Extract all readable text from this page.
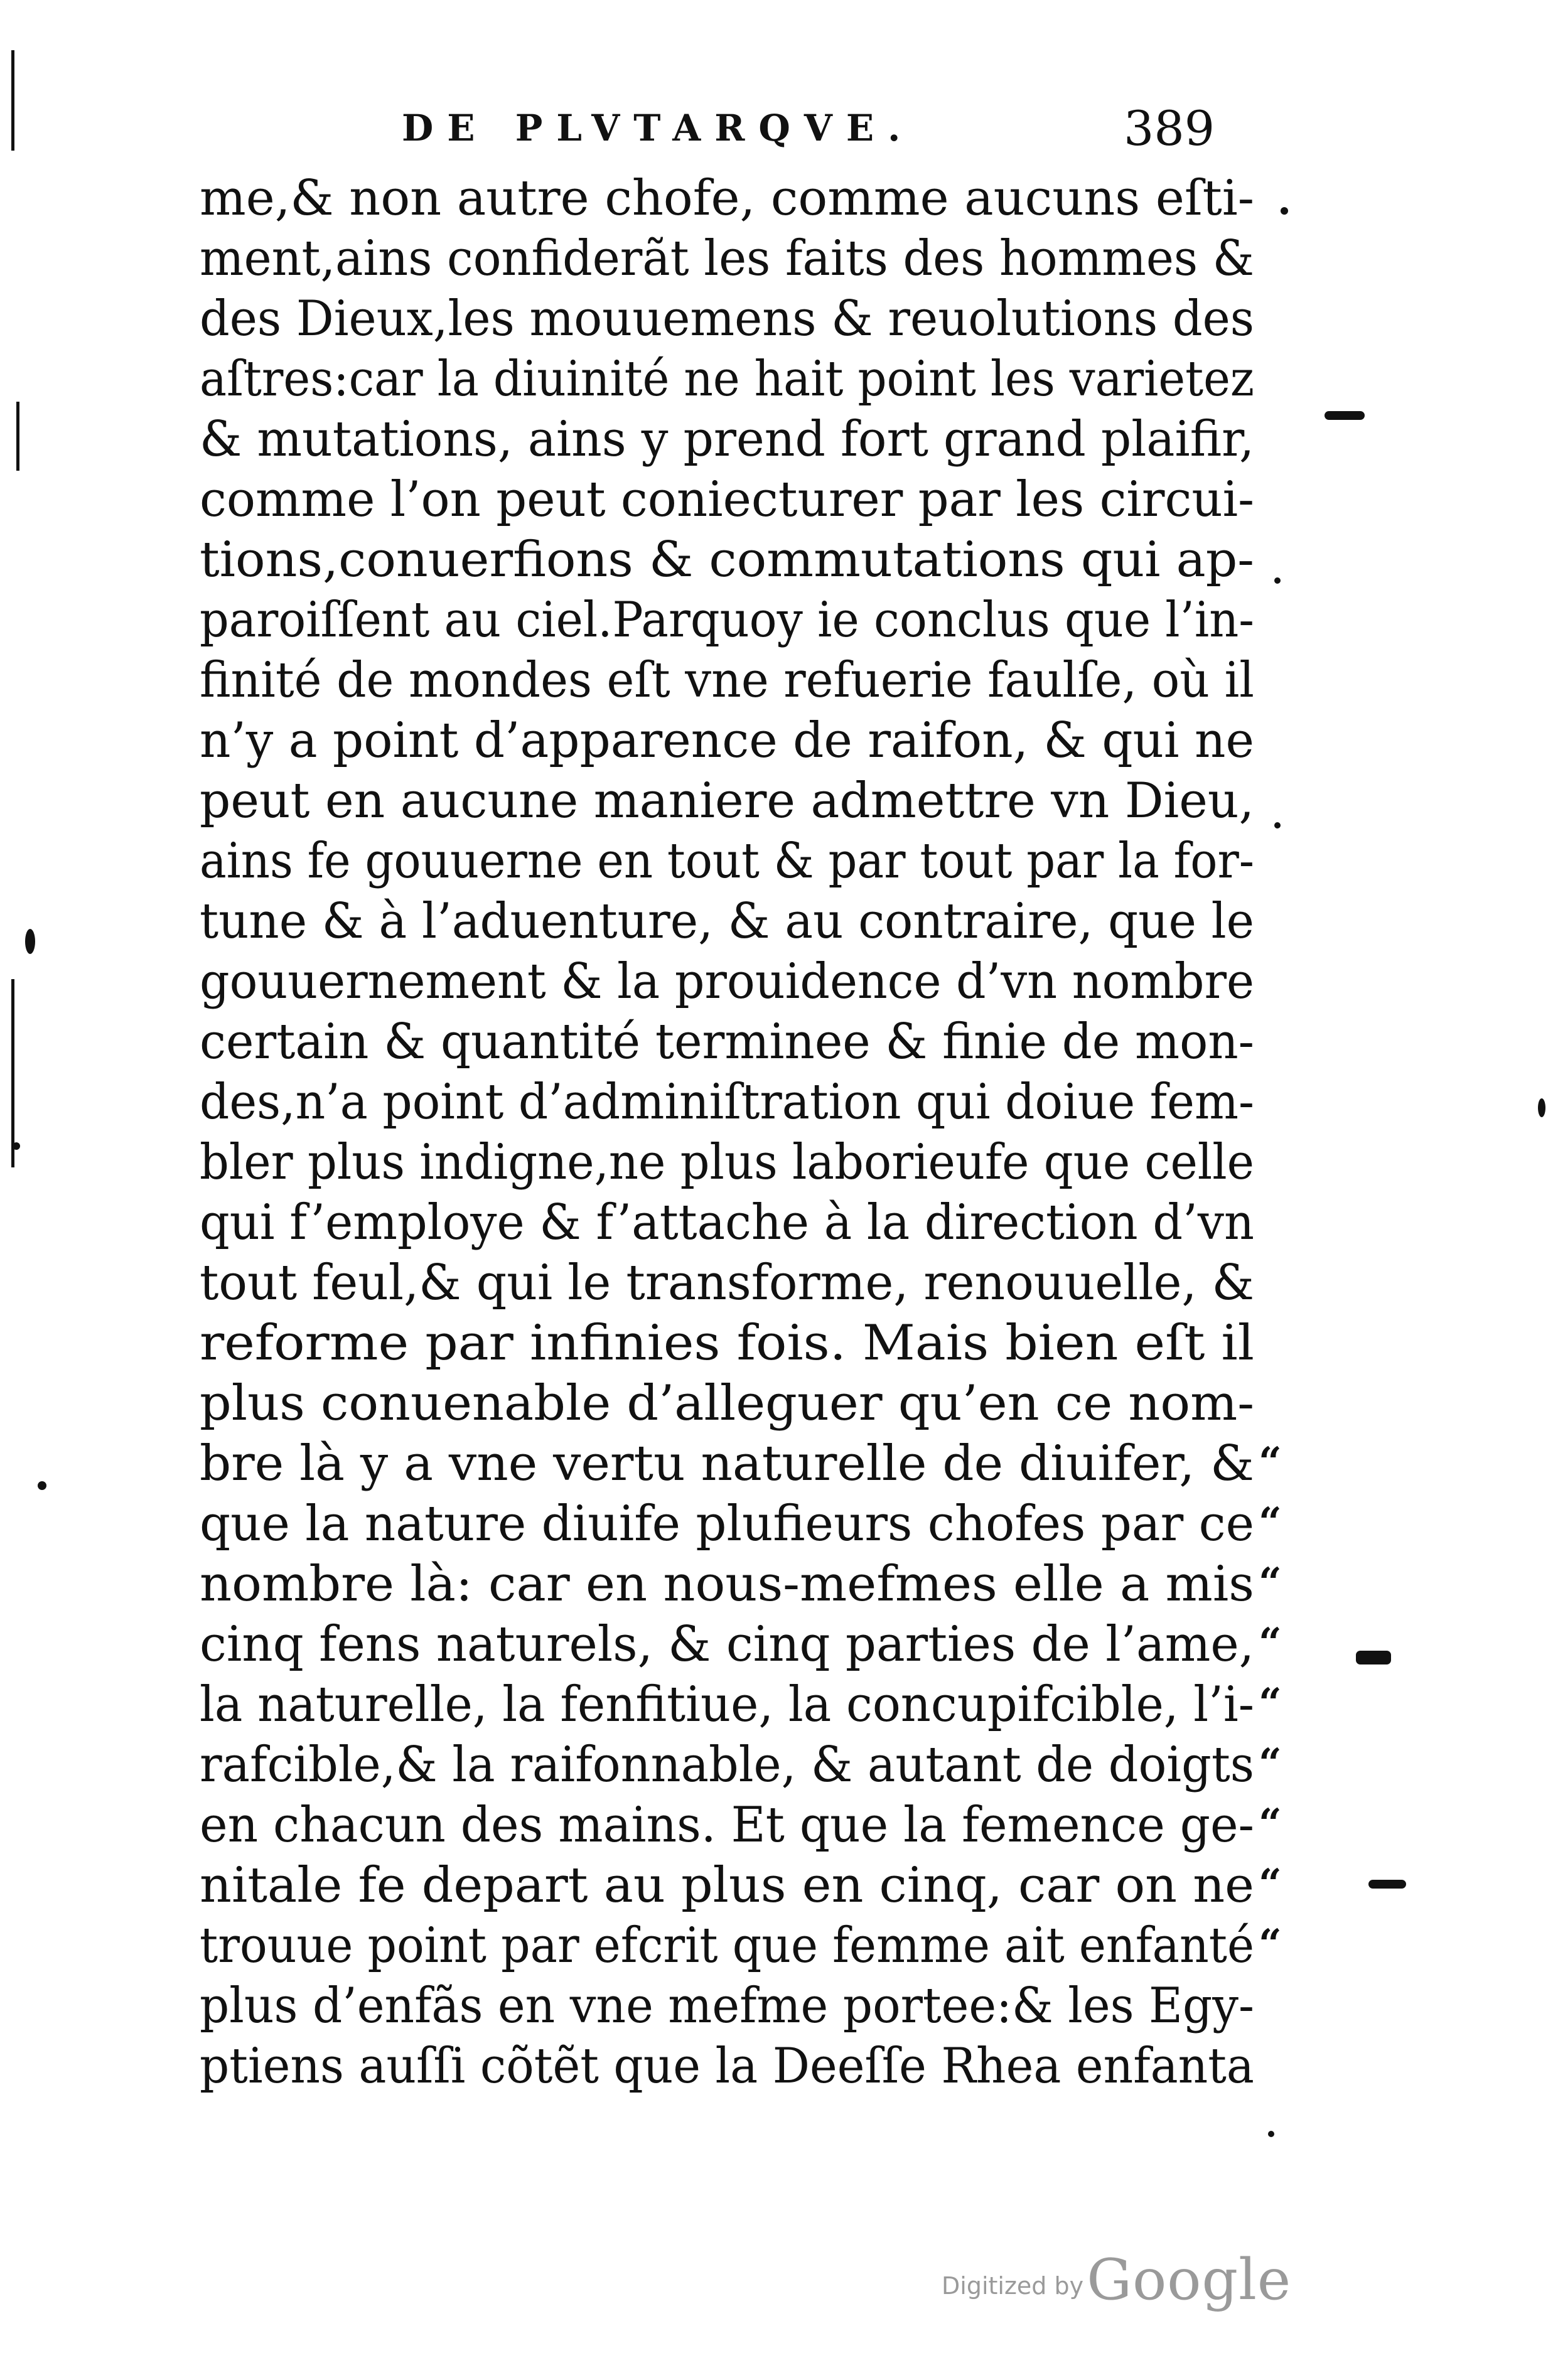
DE PLVTARQVE.	389
me,& non autre chofe, comme aucuns eſti-
ment,ains confiderãt les faits des hommes &
des Dieux,les mouuemens & reuolutions des
aſtres:car la diuinité ne hait point les varietez
& mutations, ains y prend fort grand plaifir,
comme l’on peut coniecturer par les circui-
tions,conuerfions & commutations qui ap-
paroiſſent au ciel.Parquoy ie conclus que l’in-
finité de mondes eſt vne refuerie faulſe, où il
n’y a point d’apparence de raifon, & qui ne
peut en aucune maniere admettre vn Dieu,
ains fe gouuerne en tout & par tout par la for-
tune & à l’aduenture, & au contraire, que le
gouuernement & la prouidence d’vn nombre
certain & quantité terminee & finie de mon-
des,n’a point d’adminiſtration qui doiue fem-
bler plus indigne,ne plus laborieufe que celle
qui f’employe & f’attache à la direction d’vn
tout feul,& qui le transforme, renouuelle, &
reforme par infinies fois. Mais bien eſt il
plus conuenable d’alleguer qu’en ce nom-
bre là y a vne vertu naturelle de diuifer, &
que la nature diuife plufieurs chofes par ce
nombre là: car en nous-mefmes elle a mis
cinq fens naturels, & cinq parties de l’ame,
la naturelle, la fenfitiue, la concupifcible, l’i-
rafcible,& la raifonnable, & autant de doigts
en chacun des mains. Et que la femence ge-
nitale fe depart au plus en cinq, car on ne
trouue point par efcrit que femme ait enfanté
plus d’enfãs en vne mefme portee:& les Egy-
ptiens auſſi cõtẽt que la Deeſſe Rhea enfanta
“
“
“
“
“
“
“
“
“
Digitized by Google
